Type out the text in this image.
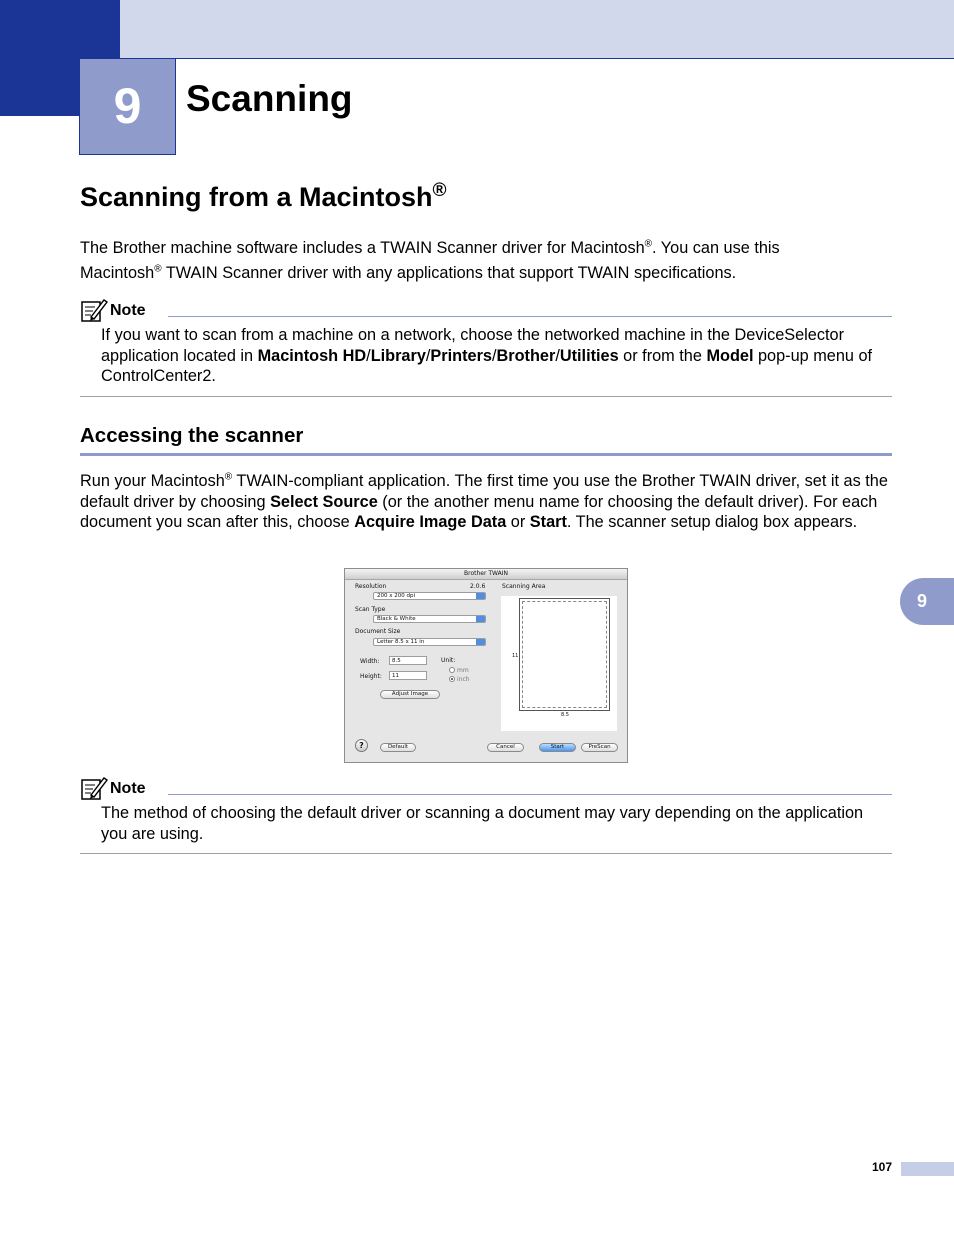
9	Scanning
Scanning from a Macintosh®
The Brother machine software includes a TWAIN Scanner driver for Macintosh®. You can use this
Macintosh® TWAIN Scanner driver with any applications that support TWAIN specifications.
Note
If you want to scan from a machine on a network, choose the networked machine in the DeviceSelector application located in Macintosh HD/Library/Printers/Brother/Utilities or from the Model pop-up menu of ControlCenter2.
Accessing the scanner
Run your Macintosh® TWAIN-compliant application. The first time you use the Brother TWAIN driver, set it as the default driver by choosing Select Source (or the another menu name for choosing the default driver). For each document you scan after this, choose Acquire Image Data or Start. The scanner setup dialog box appears.
Brother TWAIN
Resolution	2.0.6	Scanning Area
200 x 200 dpi
Scan Type
Black & White
Document Size
Letter 8.5 x 11 in
Width: 8.5
Height: 11
Unit:
mm
inch
Adjust Image
11
8.5
?	Default	Cancel	Start	PreScan
Note
The method of choosing the default driver or scanning a document may vary depending on the application you are using.
9
107
